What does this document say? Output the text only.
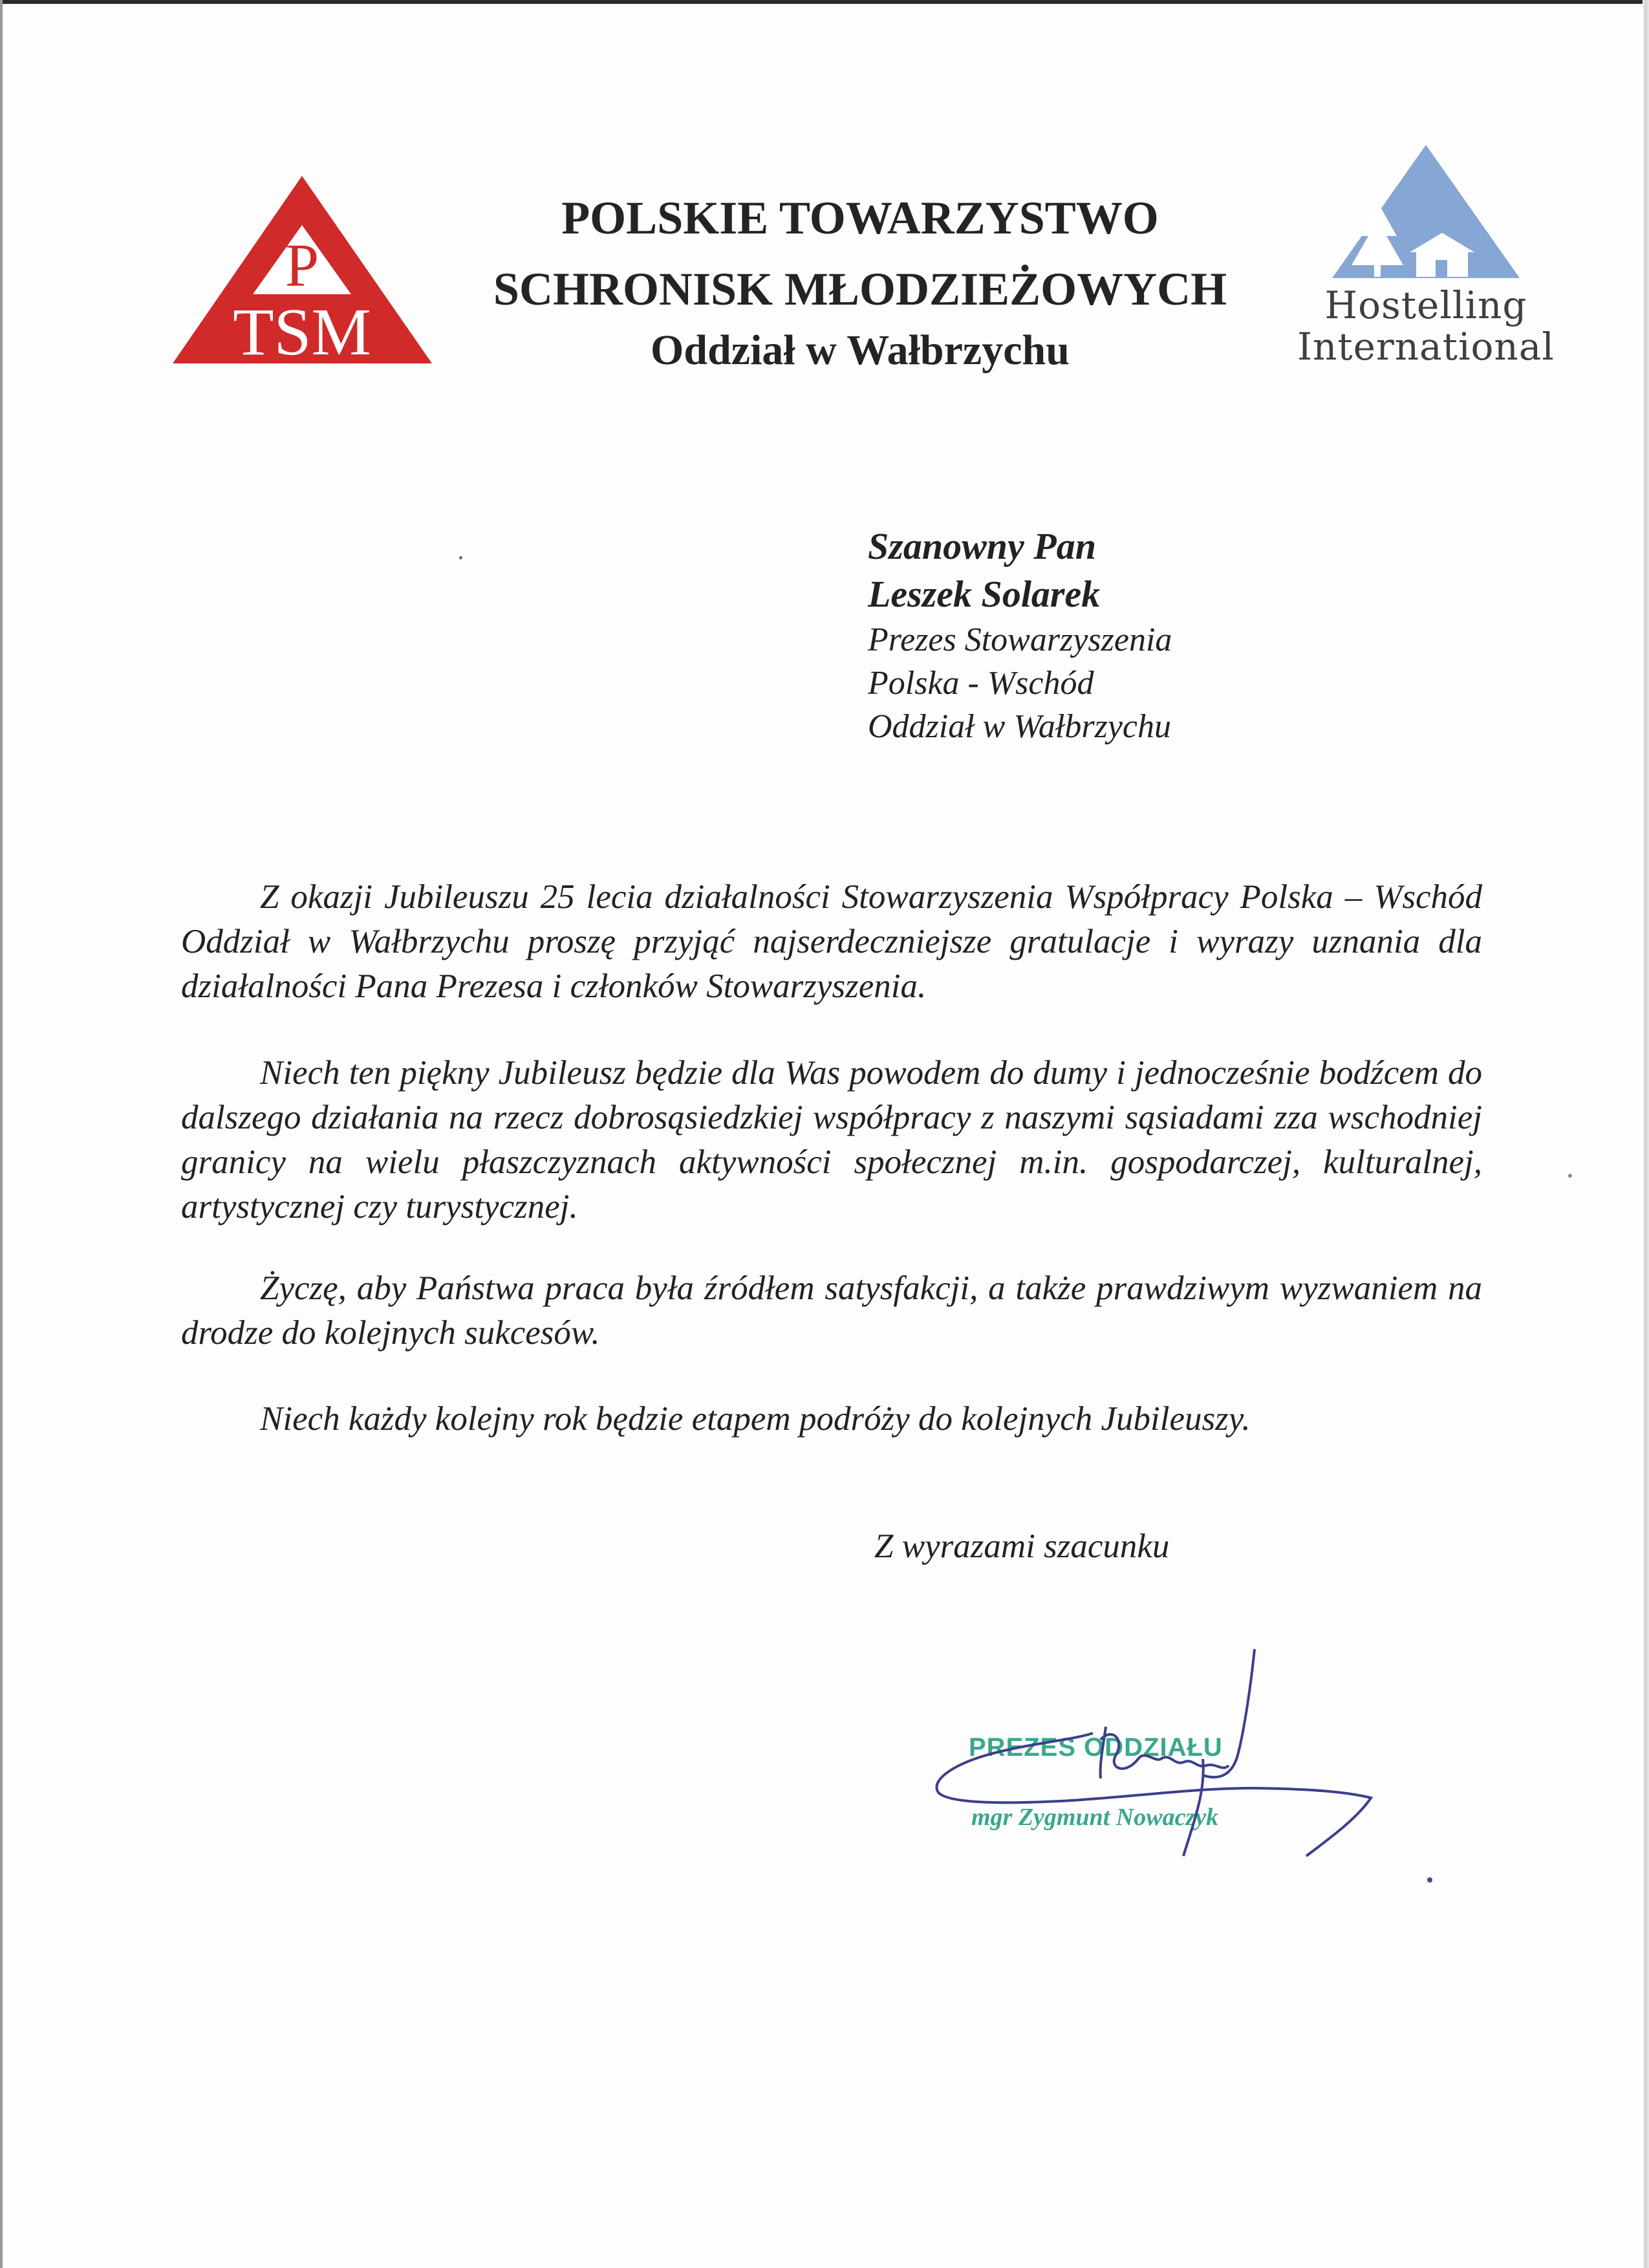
P
TSM
POLSKIE TOWARZYSTWO
SCHRONISK MŁODZIEŻOWYCH
Oddział w Wałbrzychu
Hostelling
International
Szanowny Pan
Leszek Solarek
Prezes Stowarzyszenia
Polska - Wschód
Oddział w Wałbrzychu

Z okazji Jubileuszu 25 lecia działalności Stowarzyszenia Współpracy Polska – Wschód Oddział w Wałbrzychu proszę przyjąć najserdeczniejsze gratulacje i wyrazy uznania dla działalności Pana Prezesa i członków Stowarzyszenia.

Niech ten piękny Jubileusz będzie dla Was powodem do dumy i jednocześnie bodźcem do dalszego działania na rzecz dobrosąsiedzkiej współpracy z naszymi sąsiadami zza wschodniej granicy na wielu płaszczyznach aktywności społecznej m.in. gospodarczej, kulturalnej, artystycznej czy turystycznej.

Życzę, aby Państwa praca była źródłem satysfakcji, a także prawdziwym wyzwaniem na drodze do kolejnych sukcesów.

Niech każdy kolejny rok będzie etapem podróży do kolejnych Jubileuszy.

Z wyrazami szacunku
PREZES ODDZIAŁU
mgr Zygmunt Nowaczyk
